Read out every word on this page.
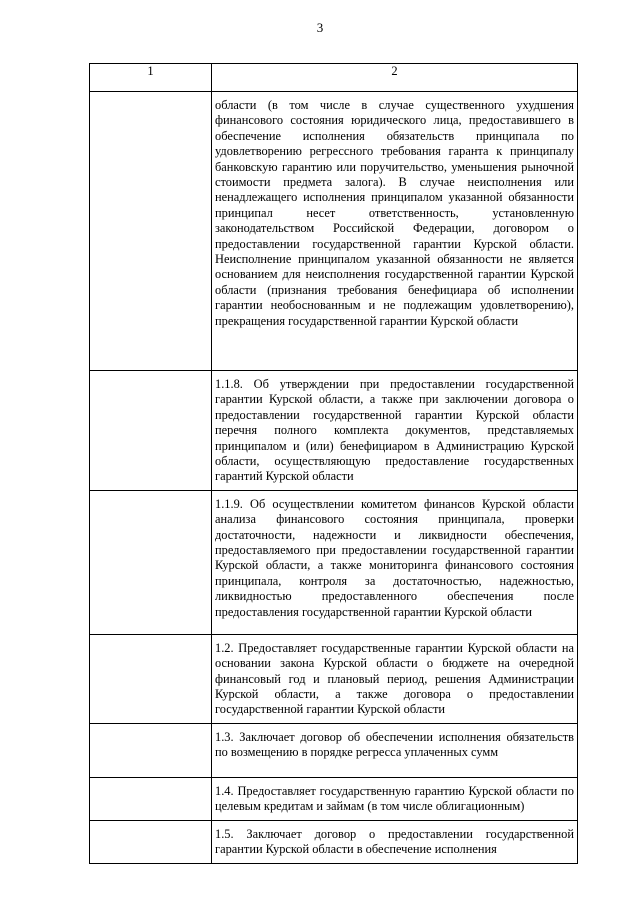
3
1	2

	области (в том числе в случае существенного ухудшения финансового состояния юридического лица, предоставившего в обеспечение исполнения обязательств принципала по удовлетворению регрессного требования гаранта к принципалу банковскую гарантию или поручительство, уменьшения рыночной стоимости предмета залога). В случае неисполнения или ненадлежащего исполнения принципалом указанной обязанности принципал несет ответственность, установленную законодательством Российской Федерации, договором о предоставлении государственной гарантии Курской области. Неисполнение принципалом указанной обязанности не является основанием для неисполнения государственной гарантии Курской области (признания требования бенефициара об исполнении гарантии необоснованным и не подлежащим удовлетворению), прекращения государственной гарантии Курской области

	1.1.8. Об утверждении при предоставлении государственной гарантии Курской области, а также при заключении договора о предоставлении государственной гарантии Курской области перечня полного комплекта документов, представляемых принципалом и (или) бенефициаром в Администрацию Курской области, осуществляющую предоставление государственных гарантий Курской области

	1.1.9. Об осуществлении комитетом финансов Курской области анализа финансового состояния принципала, проверки достаточности, надежности и ликвидности обеспечения, предоставляемого при предоставлении государственной гарантии Курской области, а также мониторинга финансового состояния принципала, контроля за достаточностью, надежностью, ликвидностью предоставленного обеспечения после предоставления государственной гарантии Курской области

	1.2. Предоставляет государственные гарантии Курской области на основании закона Курской области о бюджете на очередной финансовый год и плановый период, решения Администрации Курской области, а также договора о предоставлении государственной гарантии Курской области

	1.3. Заключает договор об обеспечении исполнения обязательств по возмещению в порядке регресса уплаченных сумм

	1.4. Предоставляет государственную гарантию Курской области по целевым кредитам и займам (в том числе облигационным)

	1.5. Заключает договор о предоставлении государственной гарантии Курской области в обеспечение исполнения
